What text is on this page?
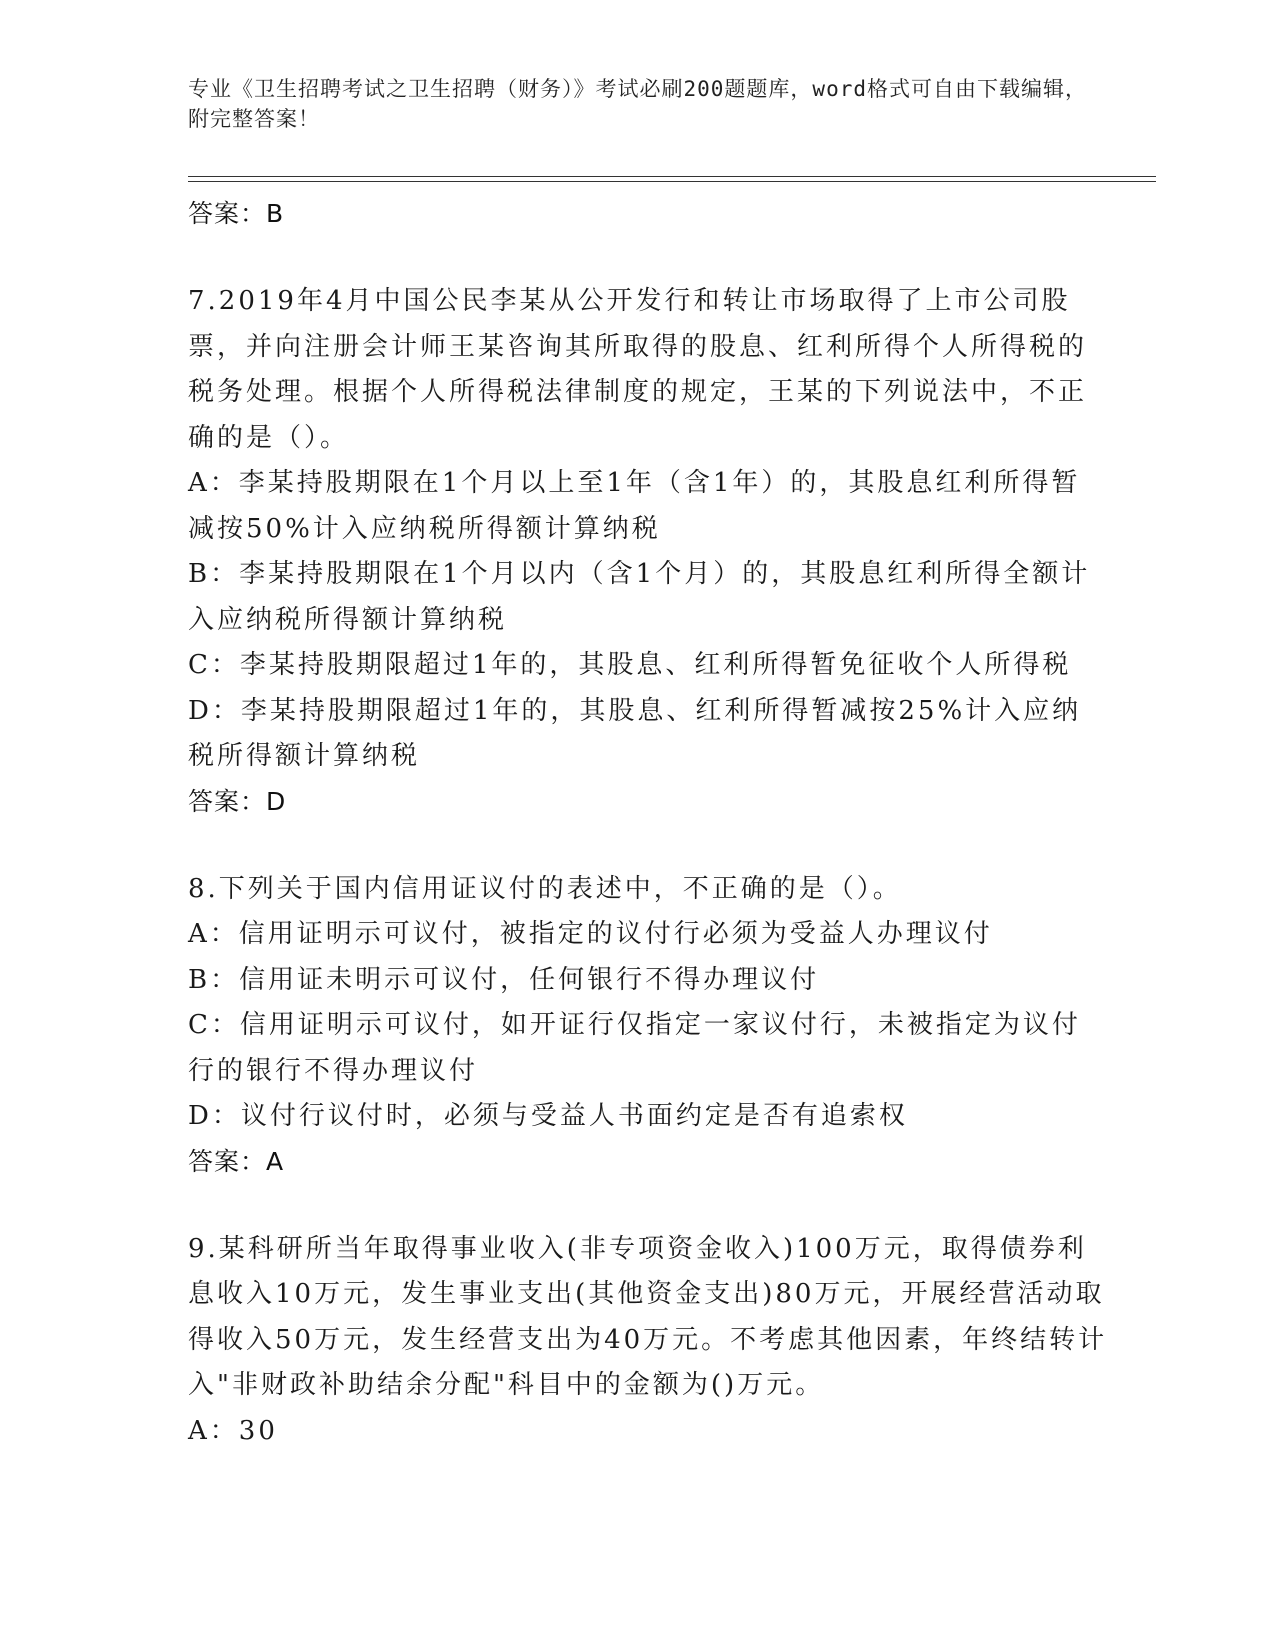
专业《卫生招聘考试之卫生招聘（财务）》考试必刷200题题库，word格式可自由下载编辑，附完整答案！

答案：B

7.2019年4月中国公民李某从公开发行和转让市场取得了上市公司股票，并向注册会计师王某咨询其所取得的股息、红利所得个人所得税的税务处理。根据个人所得税法律制度的规定，王某的下列说法中，不正确的是（）。

A：李某持股期限在1个月以上至1年（含1年）的，其股息红利所得暂减按50%计入应纳税所得额计算纳税

B：李某持股期限在1个月以内（含1个月）的，其股息红利所得全额计入应纳税所得额计算纳税

C：李某持股期限超过1年的，其股息、红利所得暂免征收个人所得税

D：李某持股期限超过1年的，其股息、红利所得暂减按25%计入应纳税所得额计算纳税

答案：D

8.下列关于国内信用证议付的表述中，不正确的是（）。

A：信用证明示可议付，被指定的议付行必须为受益人办理议付

B：信用证未明示可议付，任何银行不得办理议付

C：信用证明示可议付，如开证行仅指定一家议付行，未被指定为议付行的银行不得办理议付

D：议付行议付时，必须与受益人书面约定是否有追索权

答案：A

9.某科研所当年取得事业收入(非专项资金收入)100万元，取得债券利息收入10万元，发生事业支出(其他资金支出)80万元，开展经营活动取得收入50万元，发生经营支出为40万元。不考虑其他因素，年终结转计入"非财政补助结余分配"科目中的金额为()万元。

A：30
